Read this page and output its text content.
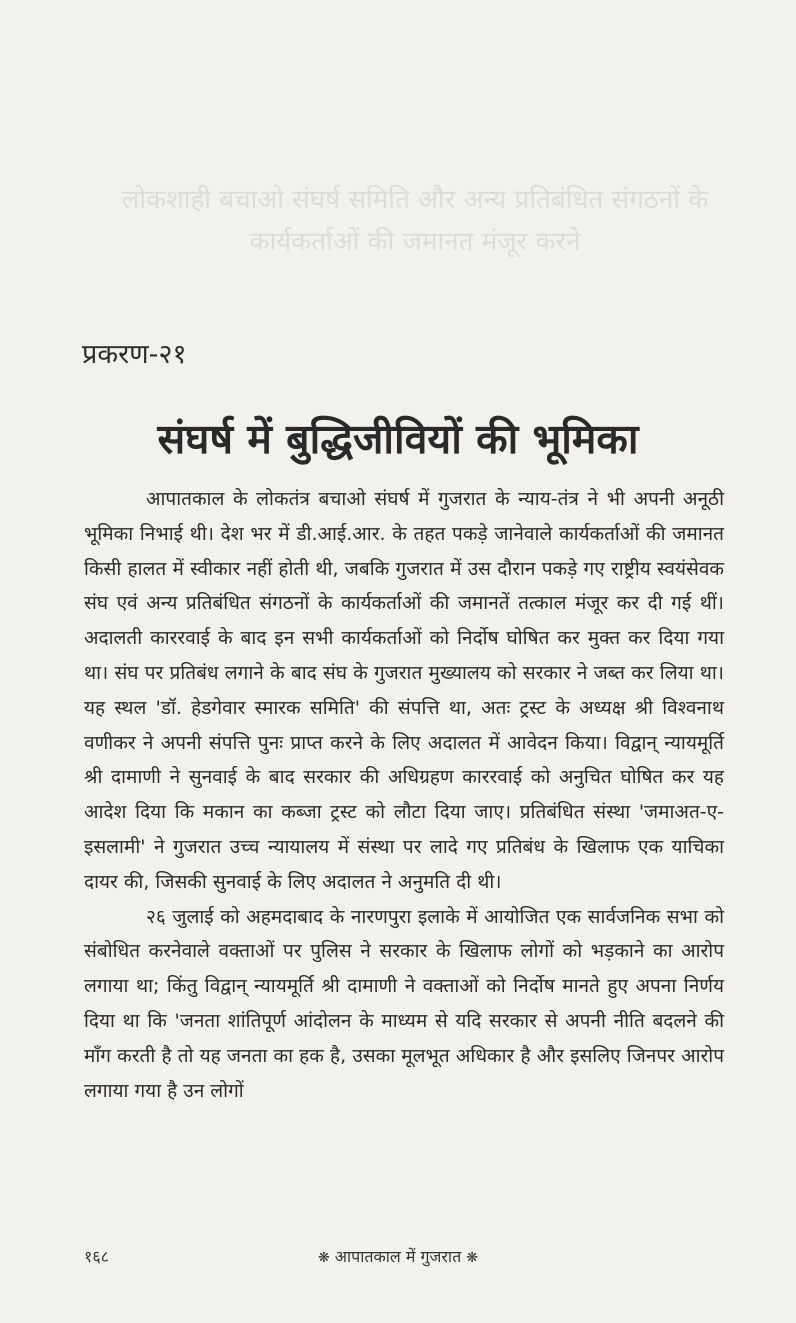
लोकशाही बचाओ संघर्ष समिति और अन्य प्रतिबंधित संगठनों के
कार्यकर्ताओं की जमानत मंजूर करने
प्रकरण-२१
संघर्ष में बुद्धिजीवियों की भूमिका

आपातकाल के लोकतंत्र बचाओ संघर्ष में गुजरात के न्याय-तंत्र ने भी अपनी अनूठी भूमिका निभाई थी। देश भर में डी.आई.आर. के तहत पकड़े जानेवाले कार्यकर्ताओं की जमानत किसी हालत में स्वीकार नहीं होती थी, जबकि गुजरात में उस दौरान पकड़े गए राष्ट्रीय स्वयंसेवक संघ एवं अन्य प्रतिबंधित संगठनों के कार्यकर्ताओं की जमानतें तत्काल मंजूर कर दी गई थीं। अदालती काररवाई के बाद इन सभी कार्यकर्ताओं को निर्दोष घोषित कर मुक्त कर दिया गया था। संघ पर प्रतिबंध लगाने के बाद संघ के गुजरात मुख्यालय को सरकार ने जब्त कर लिया था। यह स्थल 'डॉ. हेडगेवार स्मारक समिति' की संपत्ति था, अतः ट्रस्ट के अध्यक्ष श्री विश्वनाथ वणीकर ने अपनी संपत्ति पुनः प्राप्त करने के लिए अदालत में आवेदन किया। विद्वान् न्यायमूर्ति श्री दामाणी ने सुनवाई के बाद सरकार की अधिग्रहण काररवाई को अनुचित घोषित कर यह आदेश दिया कि मकान का कब्जा ट्रस्ट को लौटा दिया जाए। प्रतिबंधित संस्था 'जमाअत-ए-इसलामी' ने गुजरात उच्च न्यायालय में संस्था पर लादे गए प्रतिबंध के खिलाफ एक याचिका दायर की, जिसकी सुनवाई के लिए अदालत ने अनुमति दी थी।

२६ जुलाई को अहमदाबाद के नारणपुरा इलाके में आयोजित एक सार्वजनिक सभा को संबोधित करनेवाले वक्ताओं पर पुलिस ने सरकार के खिलाफ लोगों को भड़काने का आरोप लगाया था; किंतु विद्वान् न्यायमूर्ति श्री दामाणी ने वक्ताओं को निर्दोष मानते हुए अपना निर्णय दिया था कि 'जनता शांतिपूर्ण आंदोलन के माध्यम से यदि सरकार से अपनी नीति बदलने की माँग करती है तो यह जनता का हक है, उसका मूलभूत अधिकार है और इसलिए जिनपर आरोप लगाया गया है उन लोगों

१६८	❋ आपातकाल में गुजरात ❋
